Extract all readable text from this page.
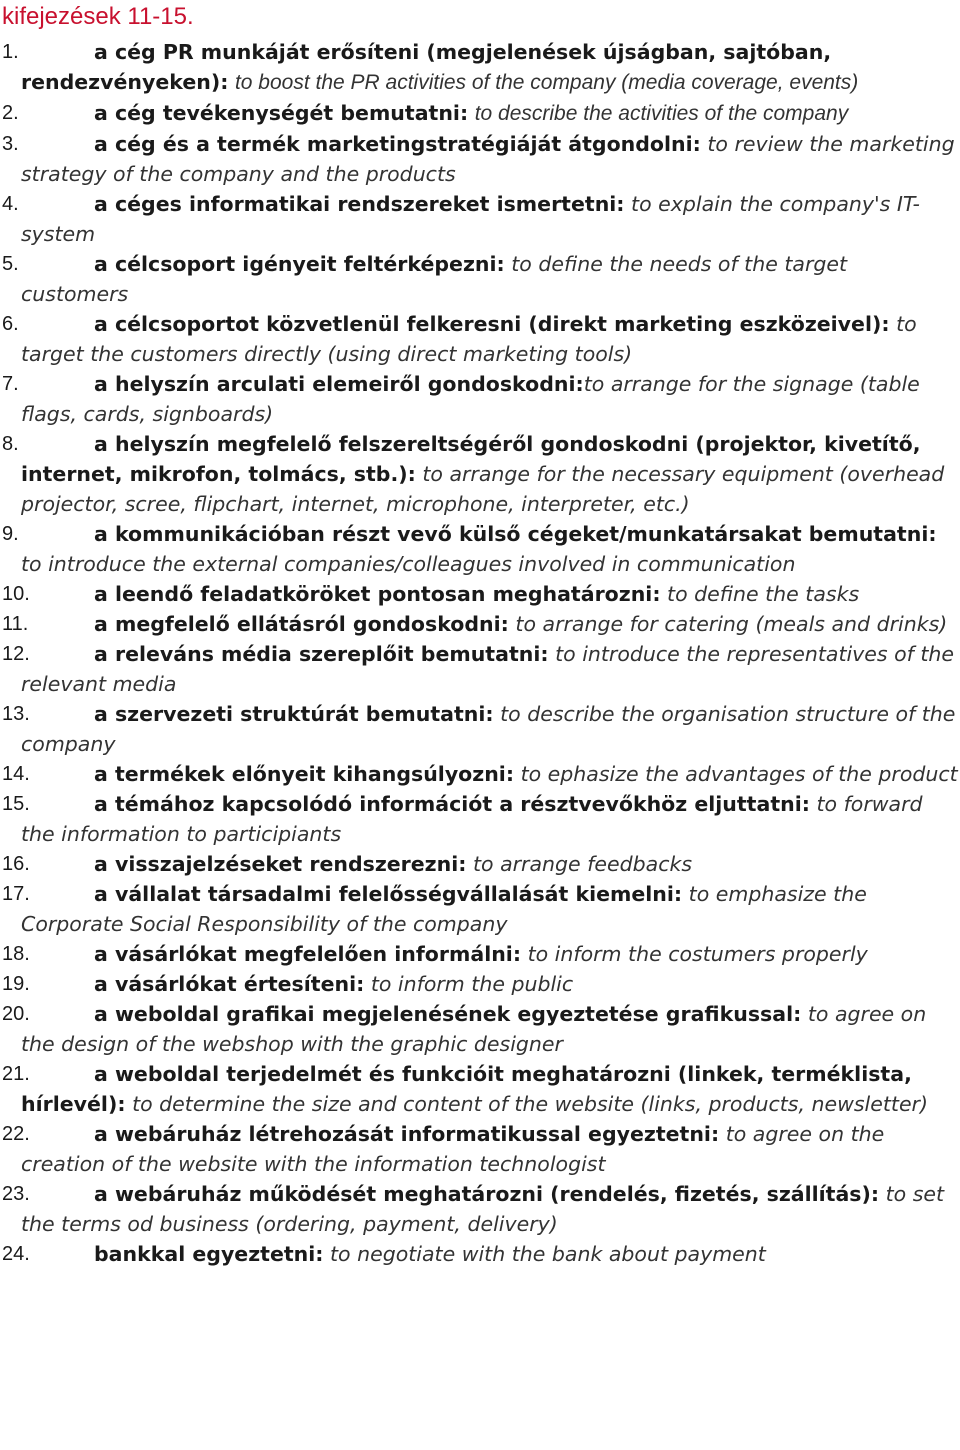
kifejezések 11-15.
1.	a cég PR munkáját erősíteni (megjelenések újságban, sajtóban, rendezvényeken): to boost the PR activities of the company (media coverage, events)
2.	a cég tevékenységét bemutatni: to describe the activities of the company
3.	a cég és a termék marketingstratégiáját átgondolni: to review the marketing strategy of the company and the products
4.	a céges informatikai rendszereket ismertetni: to explain the company's IT-system
5.	a célcsoport igényeit feltérképezni: to define the needs of the target customers
6.	a célcsoportot közvetlenül felkeresni (direkt marketing eszközeivel): to target the customers directly (using direct marketing tools)
7.	a helyszín arculati elemeiről gondoskodni:to arrange for the signage (table flags, cards, signboards)
8.	a helyszín megfelelő felszereltségéről gondoskodni (projektor, kivetítő, internet, mikrofon, tolmács, stb.): to arrange for the necessary equipment (overhead projector, scree, flipchart, internet, microphone, interpreter, etc.)
9.	a kommunikációban részt vevő külső cégeket/munkatársakat bemutatni: to introduce the external companies/colleagues involved in communication
10.	a leendő feladatköröket pontosan meghatározni: to define the tasks
11.	a megfelelő ellátásról gondoskodni: to arrange for catering (meals and drinks)
12.	a releváns média szereplőit bemutatni: to introduce the representatives of the relevant media
13.	a szervezeti struktúrát bemutatni: to describe the organisation structure of the company
14.	a termékek előnyeit kihangsúlyozni: to ephasize the advantages of the product
15.	a témához kapcsolódó információt a résztvevőkhöz eljuttatni: to forward the information to participiants
16.	a visszajelzéseket rendszerezni: to arrange feedbacks
17.	a vállalat társadalmi felelősségvállalását kiemelni: to emphasize the Corporate Social Responsibility of the company
18.	a vásárlókat megfelelően informálni: to inform the costumers properly
19.	a vásárlókat értesíteni: to inform the public
20.	a weboldal grafikai megjelenésének egyeztetése grafikussal: to agree on the design of the webshop with the graphic designer
21.	a weboldal terjedelmét és funkcióit meghatározni (linkek, terméklista, hírlevél): to determine the size and content of the website (links, products, newsletter)
22.	a webáruház létrehozását informatikussal egyeztetni: to agree on the creation of the website with the information technologist
23.	a webáruház működését meghatározni (rendelés, fizetés, szállítás): to set the terms od business (ordering, payment, delivery)
24.	bankkal egyeztetni: to negotiate with the bank about payment
